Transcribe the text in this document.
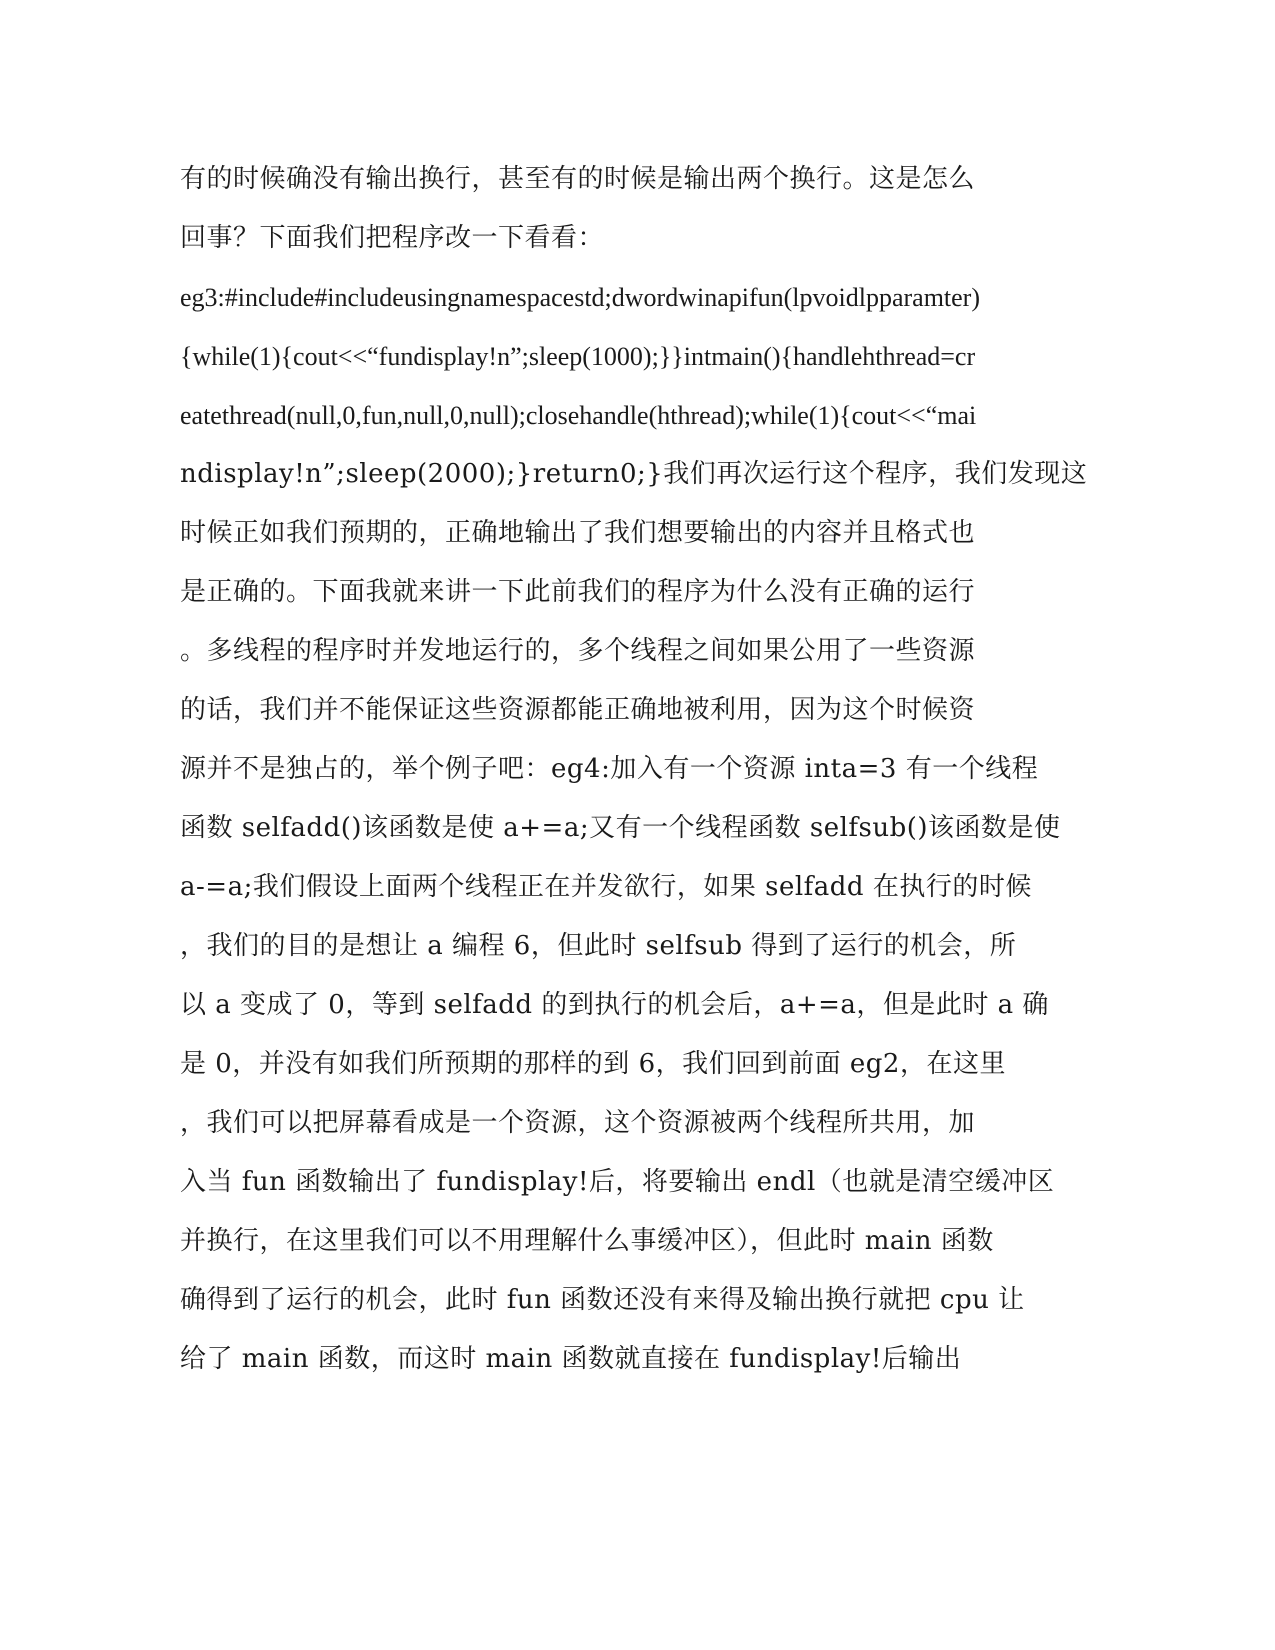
有的时候确没有输出换行，甚至有的时候是输出两个换行。这是怎么
回事？下面我们把程序改一下看看：
eg3:#include#includeusingnamespacestd;dwordwinapifun(lpvoidlpparamter)
{while(1){cout<<“fundisplay!n”;sleep(1000);}}intmain(){handlehthread=cr
eatethread(null,0,fun,null,0,null);closehandle(hthread);while(1){cout<<“mai
ndisplay!n”;sleep(2000);}return0;}我们再次运行这个程序，我们发现这
时候正如我们预期的，正确地输出了我们想要输出的内容并且格式也
是正确的。下面我就来讲一下此前我们的程序为什么没有正确的运行
。多线程的程序时并发地运行的，多个线程之间如果公用了一些资源
的话，我们并不能保证这些资源都能正确地被利用，因为这个时候资
源并不是独占的，举个例子吧：eg4:加入有一个资源 inta=3 有一个线程
函数 selfadd()该函数是使 a+=a;又有一个线程函数 selfsub()该函数是使
a-=a;我们假设上面两个线程正在并发欲行，如果 selfadd 在执行的时候
，我们的目的是想让 a 编程 6，但此时 selfsub 得到了运行的机会，所
以 a 变成了 0，等到 selfadd 的到执行的机会后，a+=a，但是此时 a 确
是 0，并没有如我们所预期的那样的到 6，我们回到前面 eg2，在这里
，我们可以把屏幕看成是一个资源，这个资源被两个线程所共用，加
入当 fun 函数输出了 fundisplay!后，将要输出 endl（也就是清空缓冲区
并换行，在这里我们可以不用理解什么事缓冲区），但此时 main 函数
确得到了运行的机会，此时 fun 函数还没有来得及输出换行就把 cpu 让
给了 main 函数，而这时 main 函数就直接在 fundisplay!后输出
